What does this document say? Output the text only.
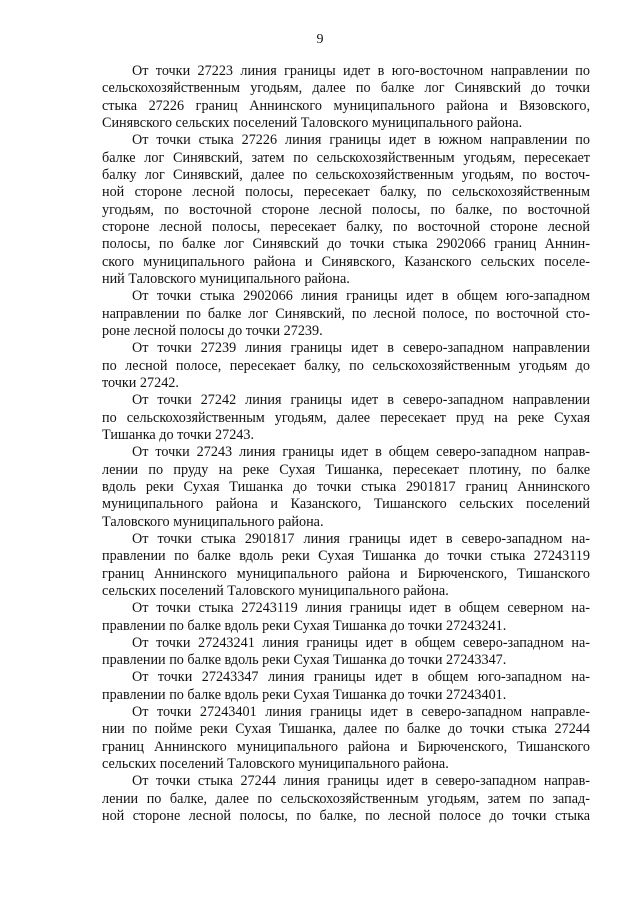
9
От точки 27223 линия границы идет в юго-восточном направлении по
сельскохозяйственным угодьям, далее по балке лог Синявский до точки
стыка 27226 границ Аннинского муниципального района и Вязовского,
Синявского сельских поселений Таловского муниципального района.
От точки стыка 27226 линия границы идет в южном направлении по
балке лог Синявский, затем по сельскохозяйственным угодьям, пересекает
балку лог Синявский, далее по сельскохозяйственным угодьям, по восточ-
ной стороне лесной полосы, пересекает балку, по сельскохозяйственным
угодьям, по восточной стороне лесной полосы, по балке, по восточной
стороне лесной полосы, пересекает балку, по восточной стороне лесной
полосы, по балке лог Синявский до точки стыка 2902066 границ Аннин-
ского муниципального района и Синявского, Казанского сельских поселе-
ний Таловского муниципального района.
От точки стыка 2902066 линия границы идет в общем юго-западном
направлении по балке лог Синявский, по лесной полосе, по восточной сто-
роне лесной полосы до точки 27239.
От точки 27239 линия границы идет в северо-западном направлении
по лесной полосе, пересекает балку, по сельскохозяйственным угодьям до
точки 27242.
От точки 27242 линия границы идет в северо-западном направлении
по сельскохозяйственным угодьям, далее пересекает пруд на реке Сухая
Тишанка до точки 27243.
От точки 27243 линия границы идет в общем северо-западном направ-
лении по пруду на реке Сухая Тишанка, пересекает плотину, по балке
вдоль реки Сухая Тишанка до точки стыка 2901817 границ Аннинского
муниципального района и Казанского, Тишанского сельских поселений
Таловского муниципального района.
От точки стыка 2901817 линия границы идет в северо-западном на-
правлении по балке вдоль реки Сухая Тишанка до точки стыка 27243119
границ Аннинского муниципального района и Бирюченского, Тишанского
сельских поселений Таловского муниципального района.
От точки стыка 27243119 линия границы идет в общем северном на-
правлении по балке вдоль реки Сухая Тишанка до точки 27243241.
От точки 27243241 линия границы идет в общем северо-западном на-
правлении по балке вдоль реки Сухая Тишанка до точки 27243347.
От точки 27243347 линия границы идет в общем юго-западном на-
правлении по балке вдоль реки Сухая Тишанка до точки 27243401.
От точки 27243401 линия границы идет в северо-западном направле-
нии по пойме реки Сухая Тишанка, далее по балке до точки стыка 27244
границ Аннинского муниципального района и Бирюченского, Тишанского
сельских поселений Таловского муниципального района.
От точки стыка 27244 линия границы идет в северо-западном направ-
лении по балке, далее по сельскохозяйственным угодьям, затем по запад-
ной стороне лесной полосы, по балке, по лесной полосе до точки стыка
